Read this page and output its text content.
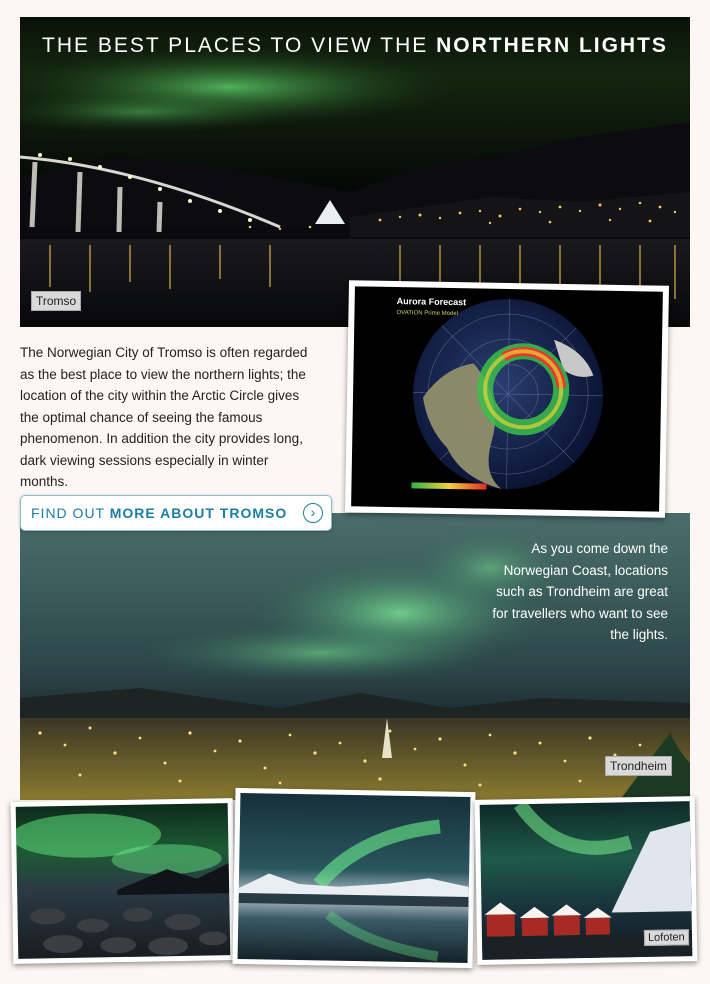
THE BEST PLACES TO VIEW THE NORTHERN LIGHTS
Tromso
The Norwegian City of Tromso is often regarded as the best place to view the northern lights; the location of the city within the Arctic Circle gives the optimal chance of seeing the famous phenomenon. In addition the city provides long, dark viewing sessions especially in winter months.
As you come down the Norwegian Coast, locations such as Trondheim are great for travellers who want to see the lights.
Trondheim
Aurora Forecast
OVATION Prime Model
FIND OUT MORE ABOUT TROMSO	›
Lofoten
